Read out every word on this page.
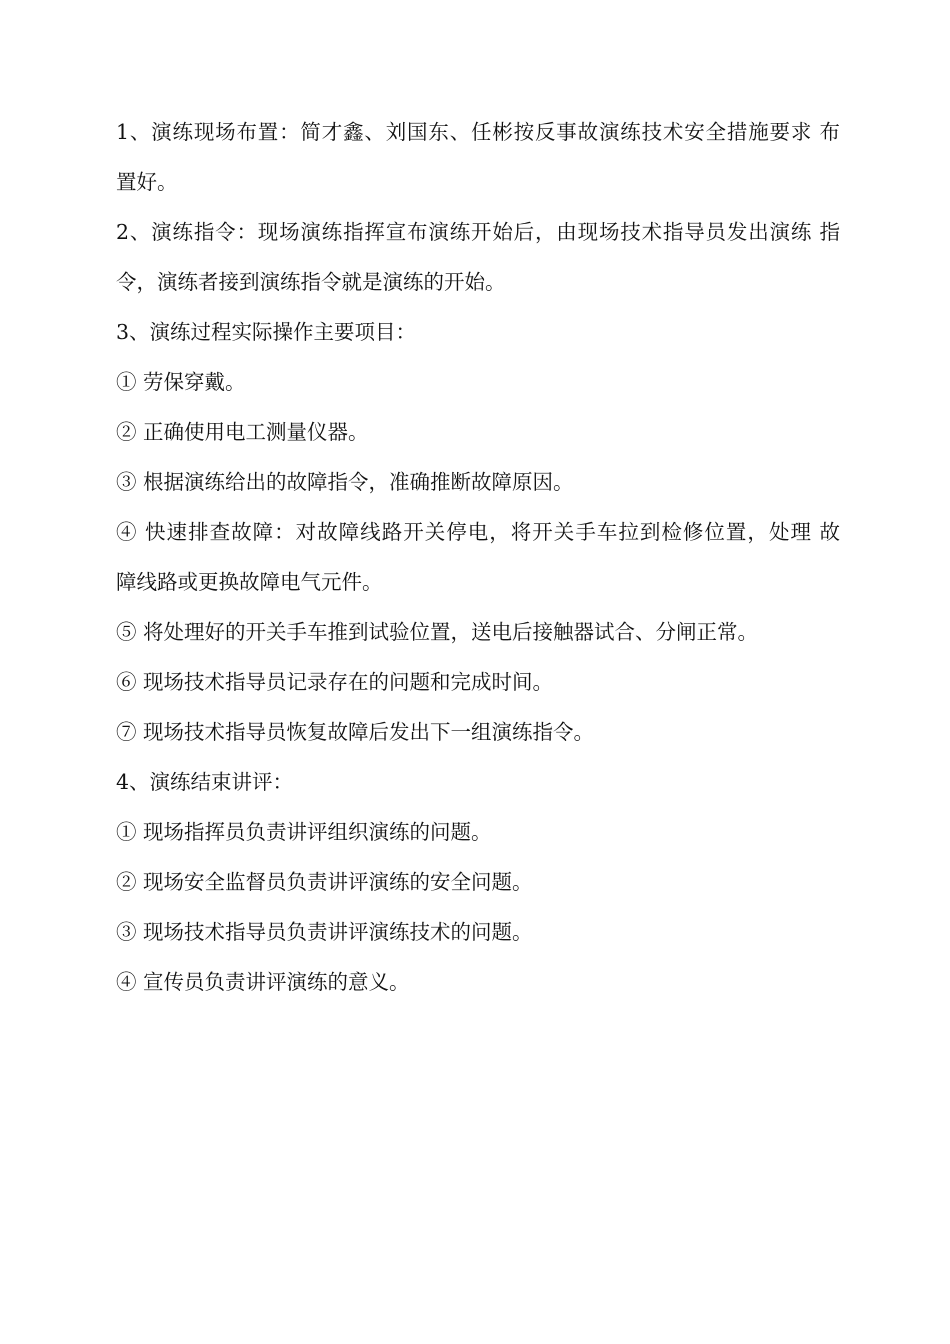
1、演练现场布置：简才鑫、刘国东、任彬按反事故演练技术安全措施要求 布
置好。
2、演练指令：现场演练指挥宣布演练开始后，由现场技术指导员发出演练 指
令，演练者接到演练指令就是演练的开始。
3、演练过程实际操作主要项目：
① 劳保穿戴。
② 正确使用电工测量仪器。
③ 根据演练给出的故障指令，准确推断故障原因。
④ 快速排查故障：对故障线路开关停电，将开关手车拉到检修位置，处理 故
障线路或更换故障电气元件。
⑤ 将处理好的开关手车推到试验位置，送电后接触器试合、分闸正常。
⑥ 现场技术指导员记录存在的问题和完成时间。
⑦ 现场技术指导员恢复故障后发出下一组演练指令。
4、演练结束讲评：
① 现场指挥员负责讲评组织演练的问题。
② 现场安全监督员负责讲评演练的安全问题。
③ 现场技术指导员负责讲评演练技术的问题。
④ 宣传员负责讲评演练的意义。
